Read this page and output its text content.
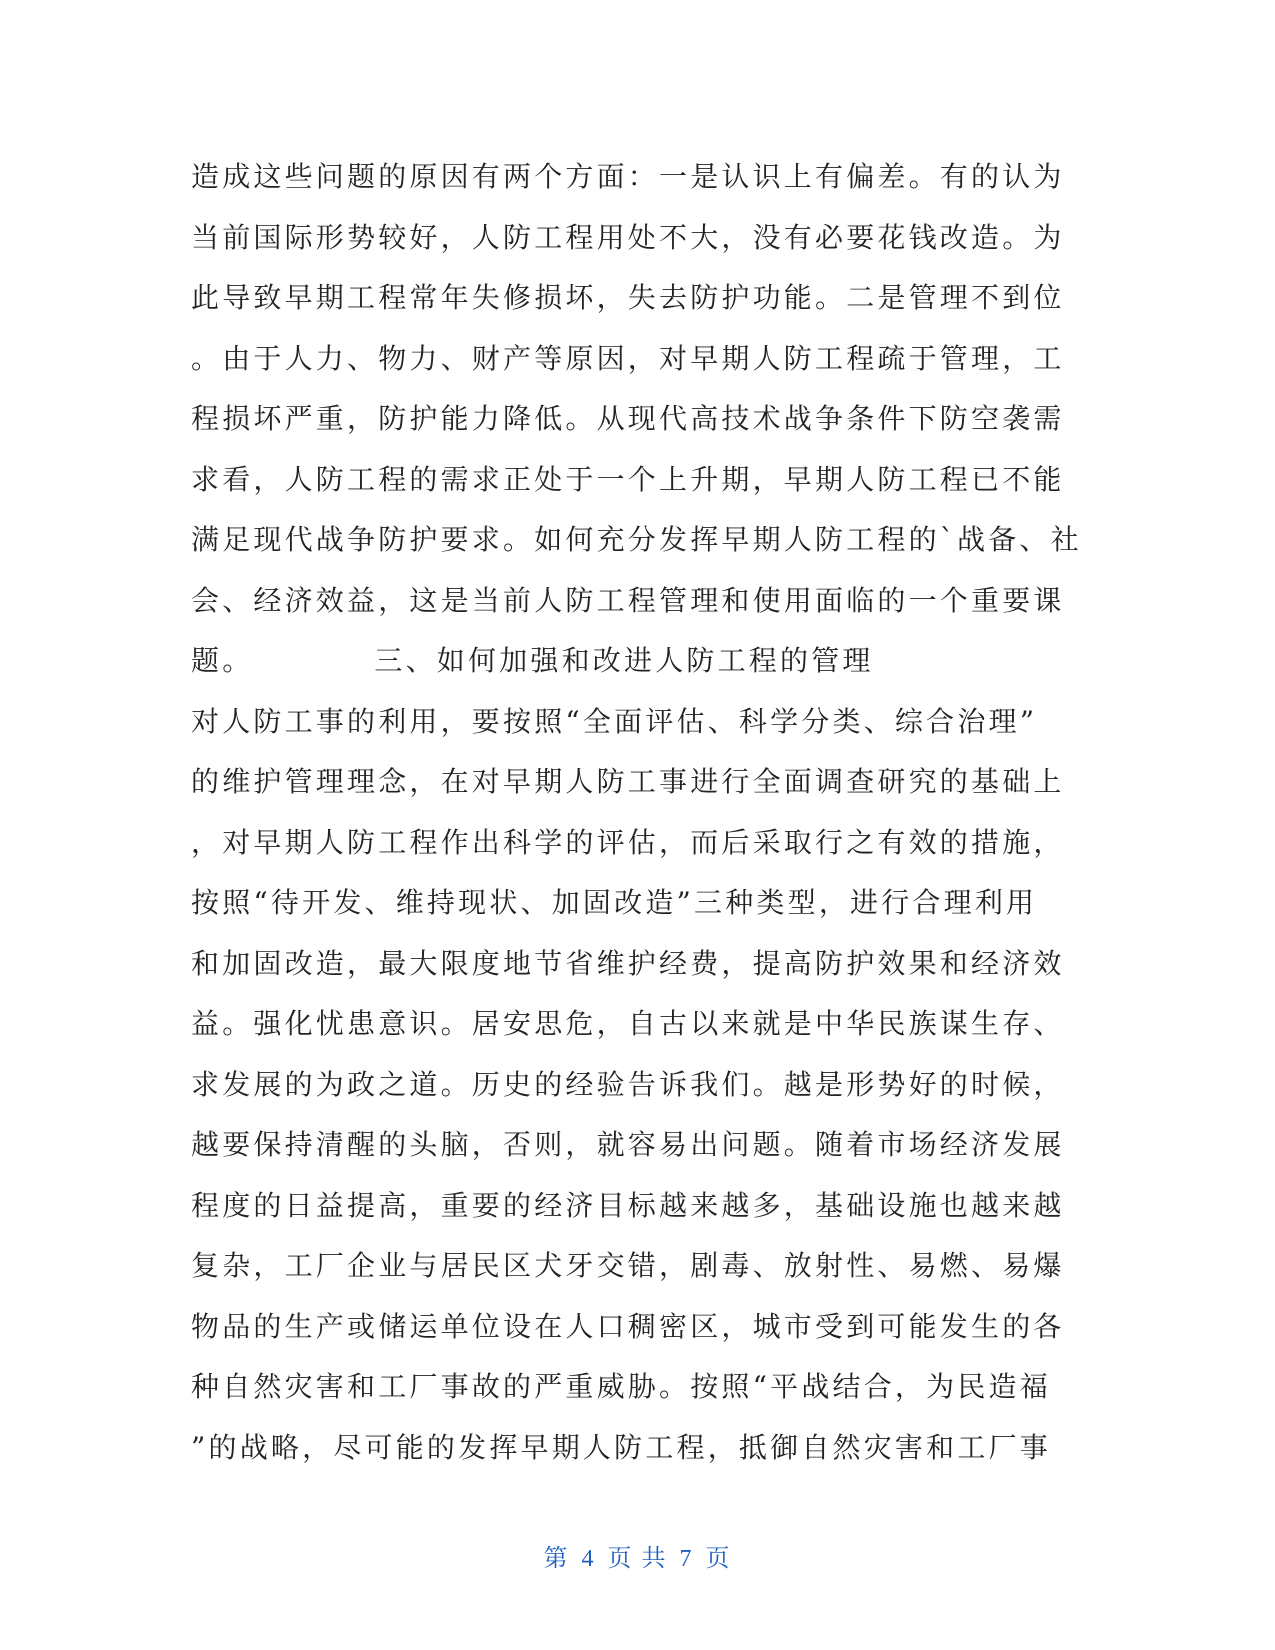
造成这些问题的原因有两个方面：一是认识上有偏差。有的认为
当前国际形势较好，人防工程用处不大，没有必要花钱改造。为
此导致早期工程常年失修损坏，失去防护功能。二是管理不到位
。由于人力、物力、财产等原因，对早期人防工程疏于管理，工
程损坏严重，防护能力降低。从现代高技术战争条件下防空袭需
求看，人防工程的需求正处于一个上升期，早期人防工程已不能
满足现代战争防护要求。如何充分发挥早期人防工程的`战备、社
会、经济效益，这是当前人防工程管理和使用面临的一个重要课
题。          三、如何加强和改进人防工程的管理
对人防工事的利用，要按照“全面评估、科学分类、综合治理”
的维护管理理念，在对早期人防工事进行全面调查研究的基础上
，对早期人防工程作出科学的评估，而后采取行之有效的措施，
按照“待开发、维持现状、加固改造”三种类型，进行合理利用
和加固改造，最大限度地节省维护经费，提高防护效果和经济效
益。强化忧患意识。居安思危，自古以来就是中华民族谋生存、
求发展的为政之道。历史的经验告诉我们。越是形势好的时候，
越要保持清醒的头脑，否则，就容易出问题。随着市场经济发展
程度的日益提高，重要的经济目标越来越多，基础设施也越来越
复杂，工厂企业与居民区犬牙交错，剧毒、放射性、易燃、易爆
物品的生产或储运单位设在人口稠密区，城市受到可能发生的各
种自然灾害和工厂事故的严重威胁。按照“平战结合，为民造福
”的战略，尽可能的发挥早期人防工程，抵御自然灾害和工厂事
第 4 页 共 7 页
